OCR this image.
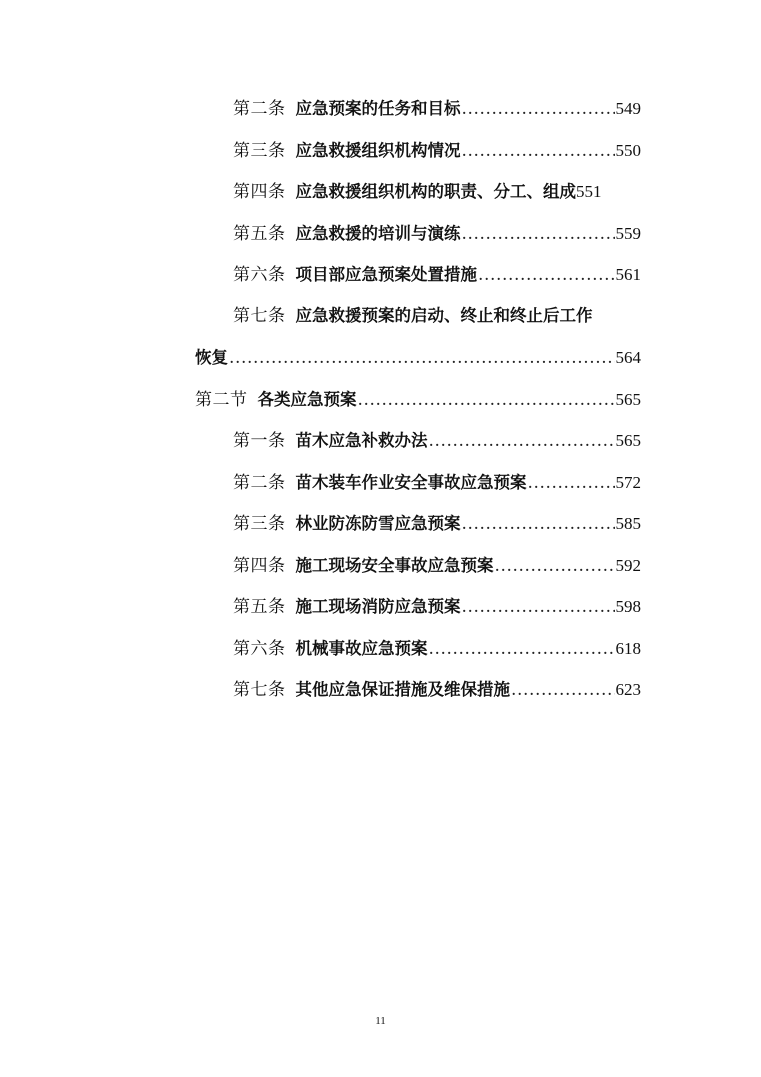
第二条 应急预案的任务和目标 .....	549
第三条 应急救援组织机构情况 .....	550
第四条 应急救援组织机构的职责、分工、组成 551
第五条 应急救援的培训与演练 .....	559
第六条 项目部应急预案处置措施 .....	561
第七条 应急救援预案的启动、终止和终止后工作
恢复 .....	564
第二节 各类应急预案 .....	565
第一条 苗木应急补救办法 .....	565
第二条 苗木装车作业安全事故应急预案 .....	572
第三条 林业防冻防雪应急预案 .....	585
第四条 施工现场安全事故应急预案 .....	592
第五条 施工现场消防应急预案 .....	598
第六条 机械事故应急预案 .....	618
第七条 其他应急保证措施及维保措施 .....	623
11
